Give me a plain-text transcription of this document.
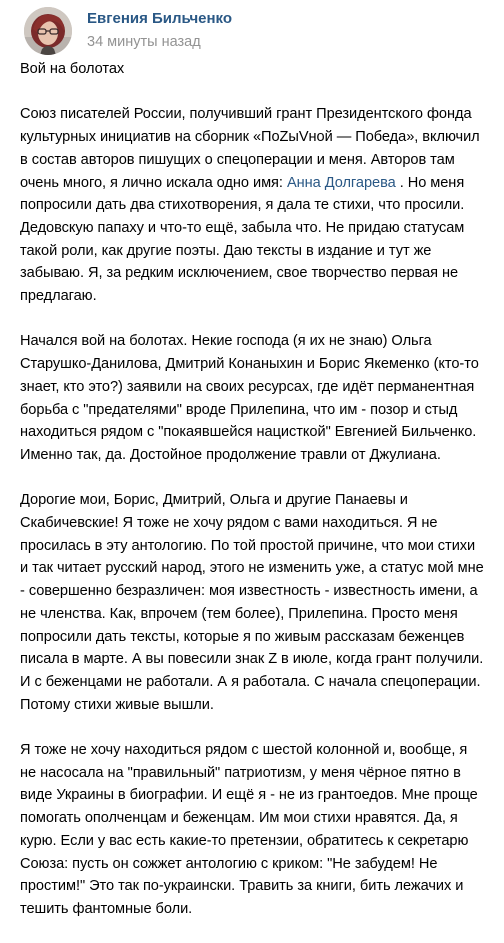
Евгения Бильченко
34 минуты назад

Вой на болотах

Союз писателей России, получивший грант Президентского фонда культурных инициатив на сборник «ПоZыVной — Победа», включил в состав авторов пишущих о спецоперации и меня. Авторов там очень много, я лично искала одно имя: Анна Долгарева . Но меня попросили дать два стихотворения, я дала те стихи, что просили. Дедовскую папаху и что-то ещё, забыла что. Не придаю статусам такой роли, как другие поэты. Даю тексты в издание и тут же забываю. Я, за редким исключением, свое творчество первая не предлагаю.

Начался вой на болотах. Некие господа (я их не знаю) Ольга Старушко-Данилова, Дмитрий Конаныхин и Борис Якеменко (кто-то знает, кто это?) заявили на своих ресурсах, где идёт перманентная борьба с "предателями" вроде Прилепина, что им - позор и стыд находиться рядом с "покаявшейся нацисткой" Евгенией Бильченко. Именно так, да. Достойное продолжение травли от Джулиана.

Дорогие мои, Борис, Дмитрий, Ольга и другие Панаевы и Скабичевские! Я тоже не хочу рядом с вами находиться. Я не просилась в эту антологию. По той простой причине, что мои стихи и так читает русский народ, этого не изменить уже, а статус мой мне - совершенно безразличен: моя известность - известность имени, а не членства. Как, впрочем (тем более), Прилепина. Просто меня попросили дать тексты, которые я по живым рассказам беженцев писала в марте. А вы повесили знак Z в июле, когда грант получили. И с беженцами не работали. А я работала. С начала спецоперации. Потому стихи живые вышли.

Я тоже не хочу находиться рядом с шестой колонной и, вообще, я не насосала на "правильный" патриотизм, у меня чёрное пятно в виде Украины в биографии. И ещё я - не из грантоедов. Мне проще помогать ополченцам и беженцам. Им мои стихи нравятся. Да, я курю. Если у вас есть какие-то претензии, обратитесь к секретарю Союза: пусть он сожжет антологию с криком: "Не забудем! Не простим!" Это так по-украински. Травить за книги, бить лежачих и тешить фантомные боли.
